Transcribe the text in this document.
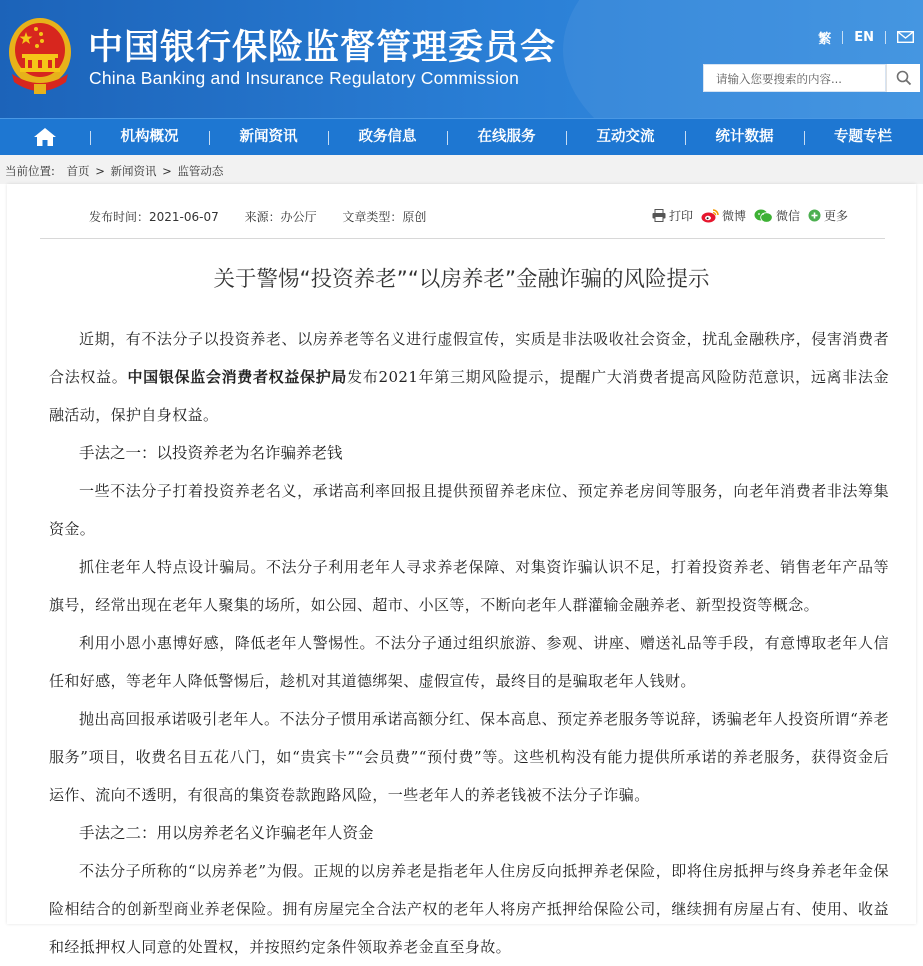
中国银行保险监督管理委员会
China Banking and Insurance Regulatory Commission
繁 EN
请输入您要搜索的内容...
机构概况	新闻资讯	政务信息	在线服务	互动交流	统计数据	专题专栏
当前位置: 首页 > 新闻资讯 > 监管动态
发布时间：2021-06-07 来源：办公厅 文章类型：原创	打印 微博	微信 更多
关于警惕“投资养老”“以房养老”金融诈骗的风险提示

近期，有不法分子以投资养老、以房养老等名义进行虚假宣传，实质是非法吸收社会资金，扰乱金融秩序，侵害消费者合法权益。中国银保监会消费者权益保护局发布2021年第三期风险提示，提醒广大消费者提高风险防范意识，远离非法金融活动，保护自身权益。

手法之一：以投资养老为名诈骗养老钱

一些不法分子打着投资养老名义，承诺高利率回报且提供预留养老床位、预定养老房间等服务，向老年消费者非法筹集资金。

抓住老年人特点设计骗局。不法分子利用老年人寻求养老保障、对集资诈骗认识不足，打着投资养老、销售老年产品等旗号，经常出现在老年人聚集的场所，如公园、超市、小区等，不断向老年人群灌输金融养老、新型投资等概念。

利用小恩小惠博好感，降低老年人警惕性。不法分子通过组织旅游、参观、讲座、赠送礼品等手段，有意博取老年人信任和好感，等老年人降低警惕后，趁机对其道德绑架、虚假宣传，最终目的是骗取老年人钱财。

抛出高回报承诺吸引老年人。不法分子惯用承诺高额分红、保本高息、预定养老服务等说辞，诱骗老年人投资所谓“养老服务”项目，收费名目五花八门，如“贵宾卡”“会员费”“预付费”等。这些机构没有能力提供所承诺的养老服务，获得资金后运作、流向不透明，有很高的集资卷款跑路风险，一些老年人的养老钱被不法分子诈骗。

手法之二：用以房养老名义诈骗老年人资金

不法分子所称的“以房养老”为假。正规的以房养老是指老年人住房反向抵押养老保险，即将住房抵押与终身养老年金保险相结合的创新型商业养老保险。拥有房屋完全合法产权的老年人将房产抵押给保险公司，继续拥有房屋占有、使用、收益和经抵押权人同意的处置权，并按照约定条件领取养老金直至身故。
